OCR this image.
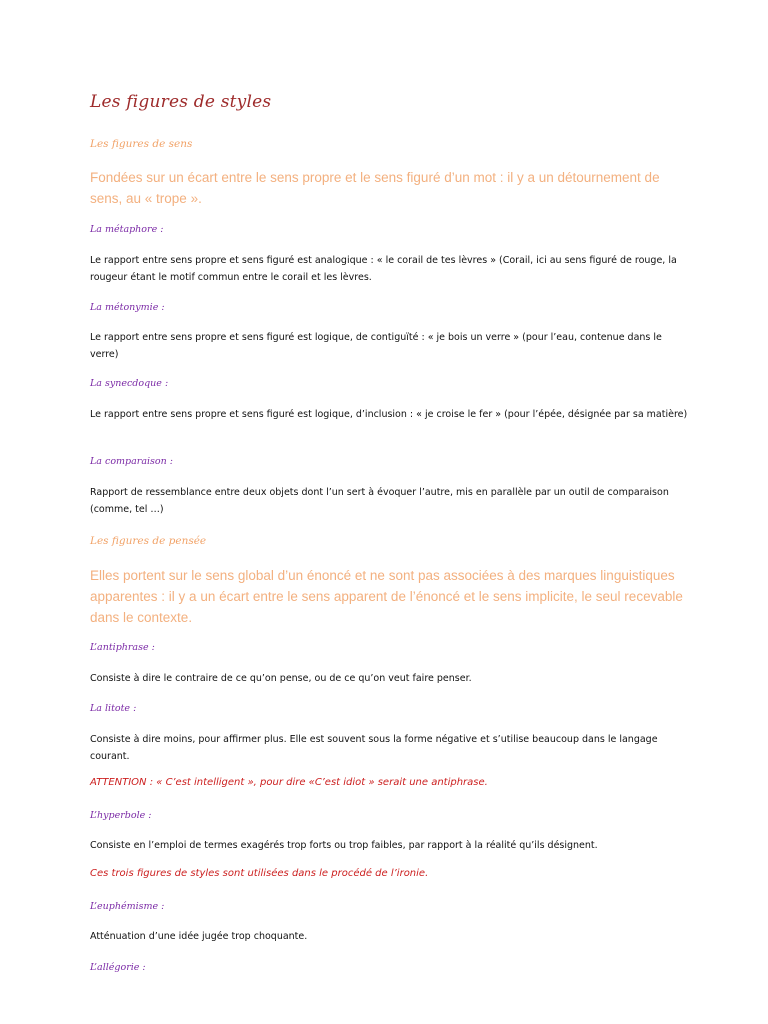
Les figures de styles
Les figures de sens
Fondées sur un écart entre le sens propre et le sens figuré d’un mot : il y a un détournement de sens, au « trope ».
La métaphore :
Le rapport entre sens propre et sens figuré est analogique : « le corail de tes lèvres » (Corail, ici au sens figuré de rouge, la rougeur étant le motif commun entre le corail et les lèvres.
La métonymie :
Le rapport entre sens propre et sens figuré est logique, de contiguïté : « je bois un verre » (pour l’eau, contenue dans le verre)
La synecdoque :
Le rapport entre sens propre et sens figuré est logique, d’inclusion : « je croise le fer » (pour l’épée, désignée par sa matière)
La comparaison :
Rapport de ressemblance entre deux objets dont l’un sert à évoquer l’autre, mis en parallèle par un outil de comparaison (comme, tel …)
Les figures de pensée
Elles portent sur le sens global d’un énoncé et ne sont pas associées à des marques linguistiques apparentes : il y a un écart entre le sens apparent de l’énoncé et le sens implicite, le seul recevable dans le contexte.
L’antiphrase :
Consiste à dire le contraire de ce qu’on pense, ou de ce qu’on veut faire penser.
La litote :
Consiste à dire moins, pour affirmer plus. Elle est souvent sous la forme négative et s’utilise beaucoup dans le langage courant.
ATTENTION : « C’est intelligent », pour dire «C’est idiot » serait une antiphrase.
L’hyperbole :
Consiste en l’emploi de termes exagérés trop forts ou trop faibles, par rapport à la réalité qu’ils désignent.
Ces trois figures de styles sont utilisées dans le procédé de l’ironie.
L’euphémisme :
Atténuation d’une idée jugée trop choquante.
L’allégorie :
